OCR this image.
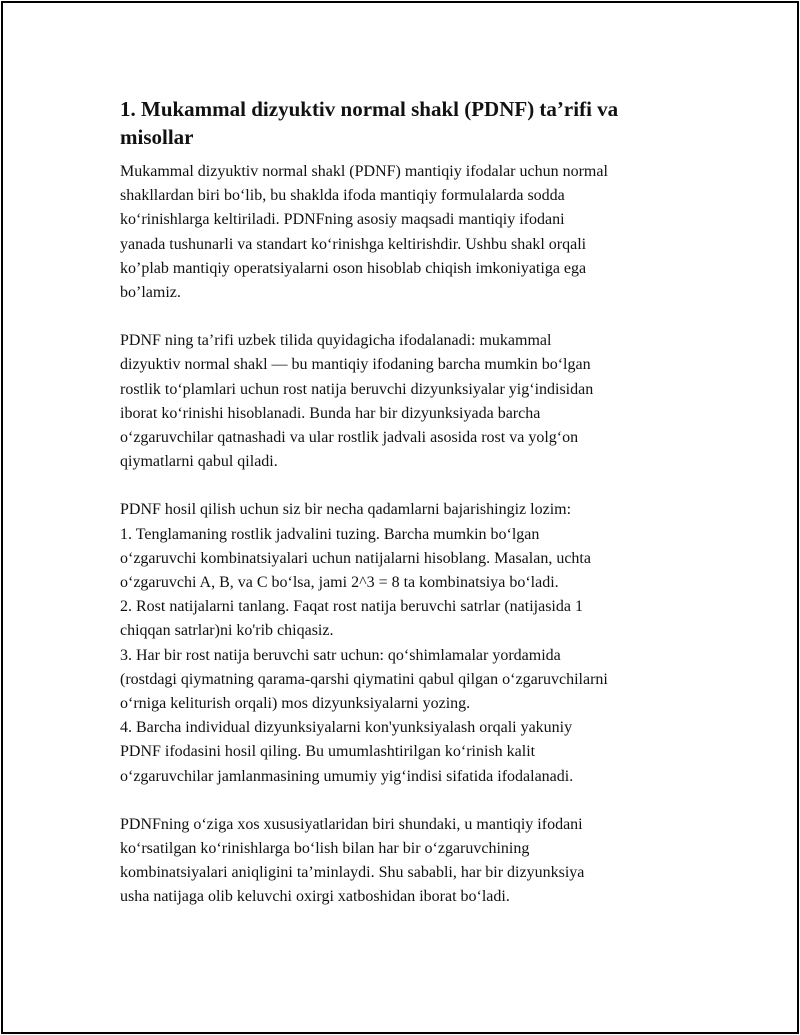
1. Mukammal dizyuktiv normal shakl (PDNF) ta’rifi va
misollar

Mukammal dizyuktiv normal shakl (PDNF) mantiqiy ifodalar uchun normal
shakllardan biri bo‘lib, bu shaklda ifoda mantiqiy formulalarda sodda
ko‘rinishlarga keltiriladi. PDNFning asosiy maqsadi mantiqiy ifodani
yanada tushunarli va standart ko‘rinishga keltirishdir. Ushbu shakl orqali
ko’plab mantiqiy operatsiyalarni oson hisoblab chiqish imkoniyatiga ega
bo’lamiz.

PDNF ning ta’rifi uzbek tilida quyidagicha ifodalanadi: mukammal
dizyuktiv normal shakl — bu mantiqiy ifodaning barcha mumkin bo‘lgan
rostlik to‘plamlari uchun rost natija beruvchi dizyunksiyalar yig‘indisidan
iborat ko‘rinishi hisoblanadi. Bunda har bir dizyunksiyada barcha
o‘zgaruvchilar qatnashadi va ular rostlik jadvali asosida rost va yolg‘on
qiymatlarni qabul qiladi.

PDNF hosil qilish uchun siz bir necha qadamlarni bajarishingiz lozim:
1. Tenglamaning rostlik jadvalini tuzing. Barcha mumkin bo‘lgan
o‘zgaruvchi kombinatsiyalari uchun natijalarni hisoblang. Masalan, uchta
o‘zgaruvchi A, B, va C bo‘lsa, jami 2^3 = 8 ta kombinatsiya bo‘ladi.
2. Rost natijalarni tanlang. Faqat rost natija beruvchi satrlar (natijasida 1
chiqqan satrlar)ni ko'rib chiqasiz.
3. Har bir rost natija beruvchi satr uchun: qo‘shimlamalar yordamida
(rostdagi qiymatning qarama-qarshi qiymatini qabul qilgan o‘zgaruvchilarni
o‘rniga keliturish orqali) mos dizyunksiyalarni yozing.
4. Barcha individual dizyunksiyalarni kon'yunksiyalash orqali yakuniy
PDNF ifodasini hosil qiling. Bu umumlashtirilgan ko‘rinish kalit
o‘zgaruvchilar jamlanmasining umumiy yig‘indisi sifatida ifodalanadi.

PDNFning o‘ziga xos xususiyatlaridan biri shundaki, u mantiqiy ifodani
ko‘rsatilgan ko‘rinishlarga bo‘lish bilan har bir o‘zgaruvchining
kombinatsiyalari aniqligini ta’minlaydi. Shu sababli, har bir dizyunksiya
usha natijaga olib keluvchi oxirgi xatboshidan iborat bo‘ladi.
